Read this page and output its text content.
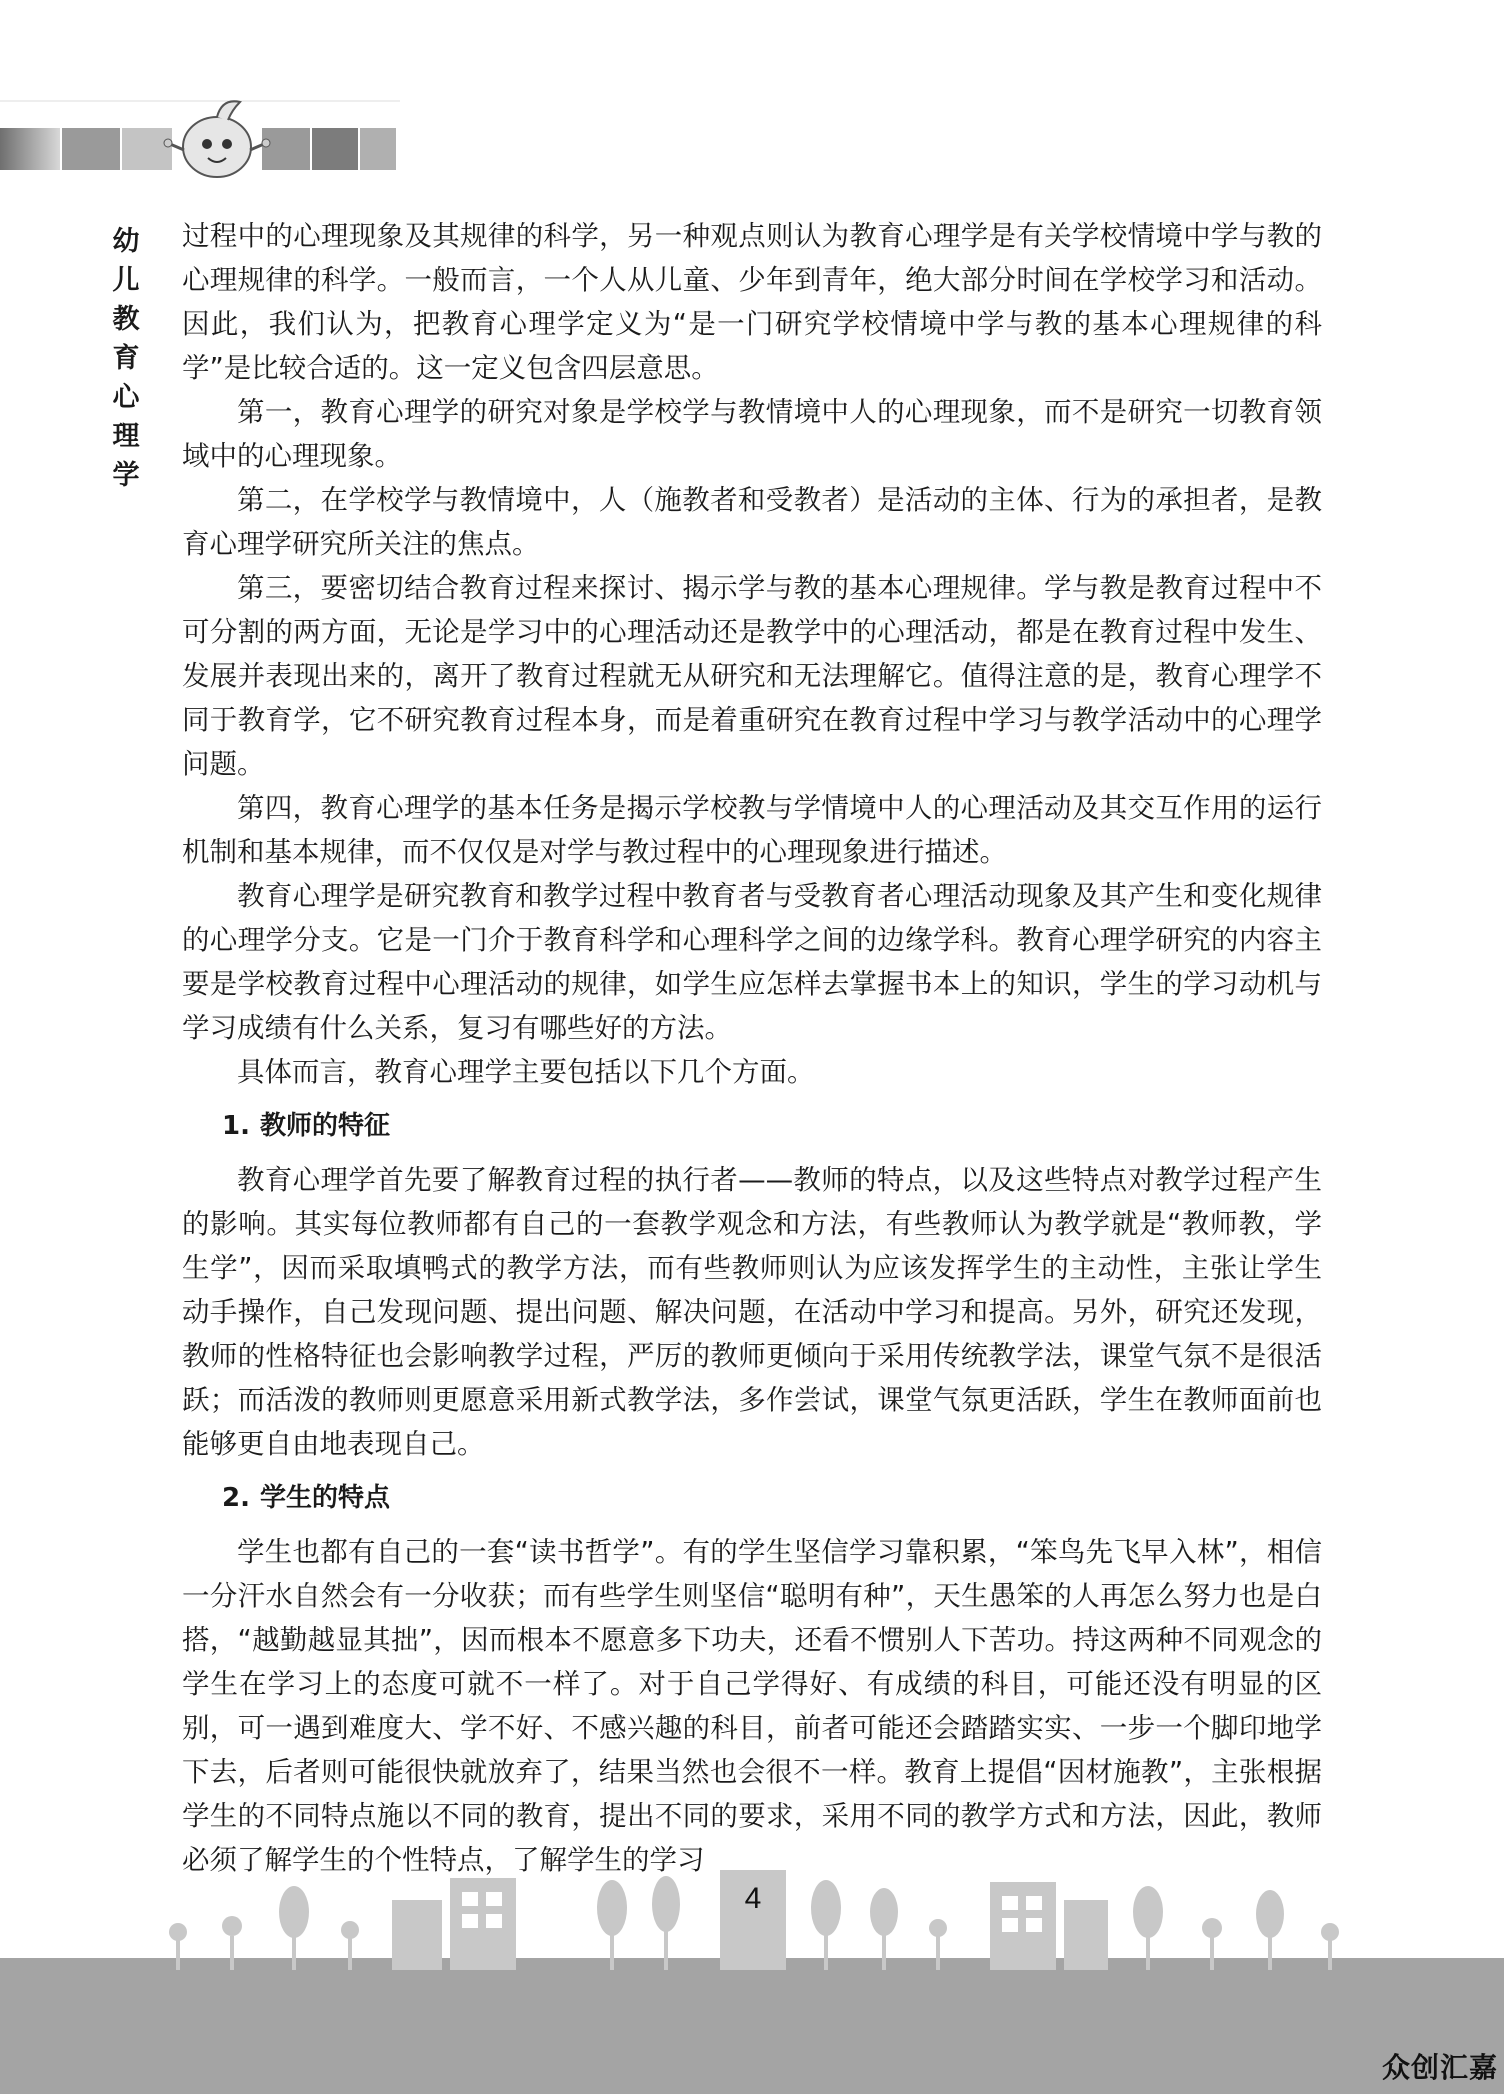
幼
儿
教
育
心
理
学

过程中的心理现象及其规律的科学，另一种观点则认为教育心理学是有关学校情境中学与教的心理规律的科学。一般而言，一个人从儿童、少年到青年，绝大部分时间在学校学习和活动。因此，我们认为，把教育心理学定义为“是一门研究学校情境中学与教的基本心理规律的科学”是比较合适的。这一定义包含四层意思。

第一，教育心理学的研究对象是学校学与教情境中人的心理现象，而不是研究一切教育领域中的心理现象。

第二，在学校学与教情境中，人（施教者和受教者）是活动的主体、行为的承担者，是教育心理学研究所关注的焦点。

第三，要密切结合教育过程来探讨、揭示学与教的基本心理规律。学与教是教育过程中不可分割的两方面，无论是学习中的心理活动还是教学中的心理活动，都是在教育过程中发生、发展并表现出来的，离开了教育过程就无从研究和无法理解它。值得注意的是，教育心理学不同于教育学，它不研究教育过程本身，而是着重研究在教育过程中学习与教学活动中的心理学问题。

第四，教育心理学的基本任务是揭示学校教与学情境中人的心理活动及其交互作用的运行机制和基本规律，而不仅仅是对学与教过程中的心理现象进行描述。

教育心理学是研究教育和教学过程中教育者与受教育者心理活动现象及其产生和变化规律的心理学分支。它是一门介于教育科学和心理科学之间的边缘学科。教育心理学研究的内容主要是学校教育过程中心理活动的规律，如学生应怎样去掌握书本上的知识，学生的学习动机与学习成绩有什么关系，复习有哪些好的方法。

具体而言，教育心理学主要包括以下几个方面。

1. 教师的特征

教育心理学首先要了解教育过程的执行者——教师的特点，以及这些特点对教学过程产生的影响。其实每位教师都有自己的一套教学观念和方法，有些教师认为教学就是“教师教，学生学”，因而采取填鸭式的教学方法，而有些教师则认为应该发挥学生的主动性，主张让学生动手操作，自己发现问题、提出问题、解决问题，在活动中学习和提高。另外，研究还发现，教师的性格特征也会影响教学过程，严厉的教师更倾向于采用传统教学法，课堂气氛不是很活跃；而活泼的教师则更愿意采用新式教学法，多作尝试，课堂气氛更活跃，学生在教师面前也能够更自由地表现自己。

2. 学生的特点

学生也都有自己的一套“读书哲学”。有的学生坚信学习靠积累，“笨鸟先飞早入林”，相信一分汗水自然会有一分收获；而有些学生则坚信“聪明有种”，天生愚笨的人再怎么努力也是白搭，“越勤越显其拙”，因而根本不愿意多下功夫，还看不惯别人下苦功。持这两种不同观念的学生在学习上的态度可就不一样了。对于自己学得好、有成绩的科目，可能还没有明显的区别，可一遇到难度大、学不好、不感兴趣的科目，前者可能还会踏踏实实、一步一个脚印地学下去，后者则可能很快就放弃了，结果当然也会很不一样。教育上提倡“因材施教”，主张根据学生的不同特点施以不同的教育，提出不同的要求，采用不同的教学方式和方法，因此，教师必须了解学生的个性特点，了解学生的学习

4
众创汇嘉
